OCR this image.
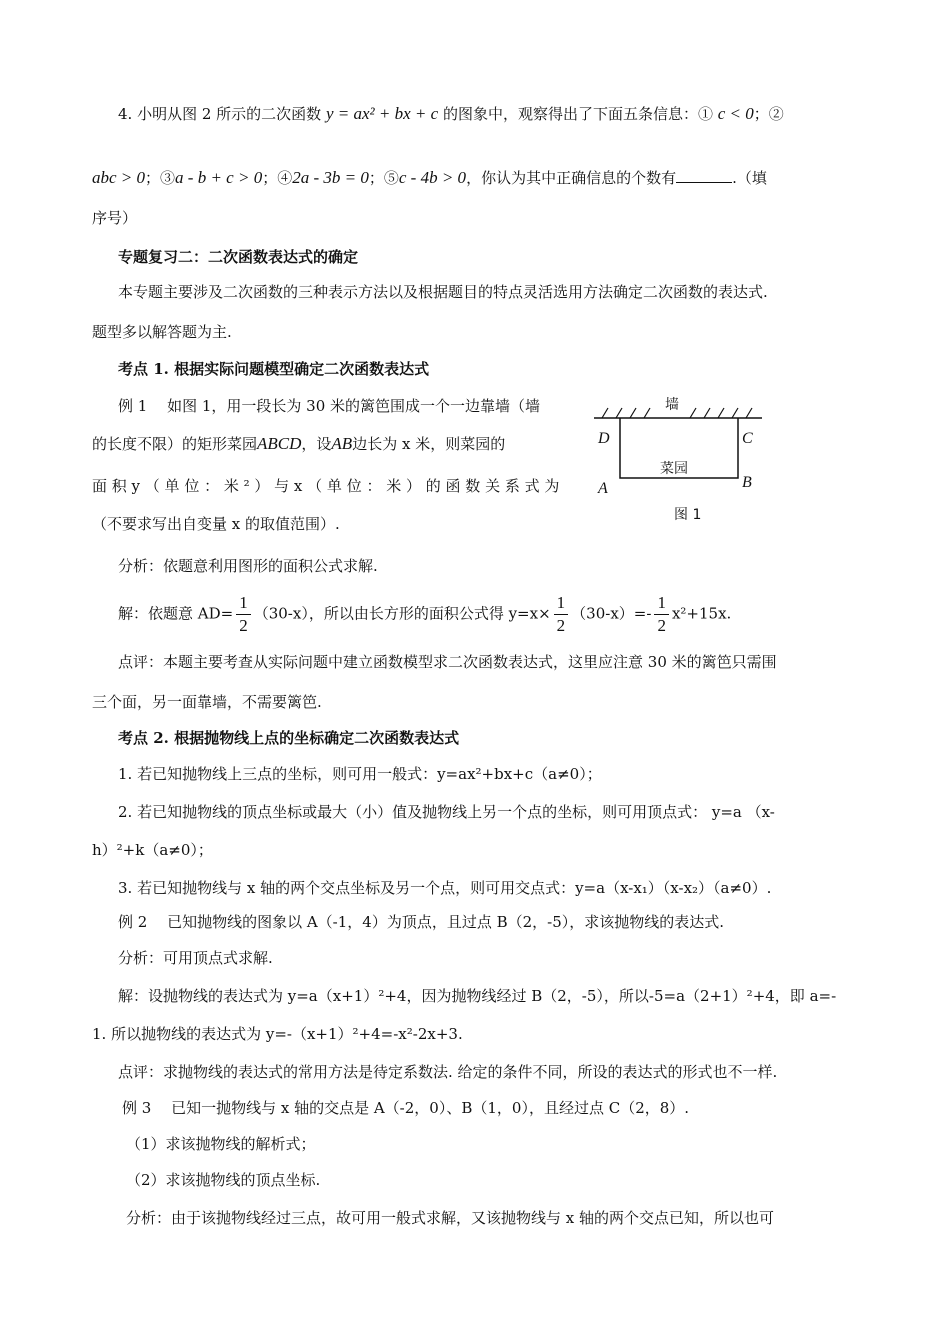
4. 小明从图 2 所示的二次函数 y = ax² + bx + c 的图象中，观察得出了下面五条信息：① c < 0；②
abc > 0；③a - b + c > 0；④2a - 3b = 0；⑤c - 4b > 0，你认为其中正确信息的个数有	.（填
序号）
专题复习二：二次函数表达式的确定
本专题主要涉及二次函数的三种表示方法以及根据题目的特点灵活选用方法确定二次函数的表达式.
题型多以解答题为主.
考点 1. 根据实际问题模型确定二次函数表达式
例 1　 如图 1，用一段长为 30 米的篱笆围成一个一边靠墙（墙
的长度不限）的矩形菜园ABCD，设AB边长为 x 米，则菜园的
面 积 y （ 单 位 ： 米 ² ） 与 x （ 单 位 ： 米 ） 的 函 数 关 系 式 为
（不要求写出自变量 x 的取值范围）.
墙
D	C
菜园
A	B
图 1
分析：依题意利用图形的面积公式求解.
解：依题意 $AD= \frac{1}{2} (30-x)$，所以由长方形的面积公式得 $y=x\times \frac{1}{2} (30-x)=- \frac{1}{2} x^2+15x$.
点评：本题主要考查从实际问题中建立函数模型求二次函数表达式，这里应注意 30 米的篱笆只需围
三个面，另一面靠墙，不需要篱笆.
考点 2. 根据抛物线上点的坐标确定二次函数表达式
1. 若已知抛物线上三点的坐标，则可用一般式：y=ax²+bx+c（a≠0）；
2. 若已知抛物线的顶点坐标或最大（小）值及抛物线上另一个点的坐标，则可用顶点式： y=a （x-
h）²+k（a≠0）；
3. 若已知抛物线与 x 轴的两个交点坐标及另一个点，则可用交点式：y=a（x-x₁）（x-x₂）（a≠0）.
例 2　 已知抛物线的图象以 A（-1，4）为顶点，且过点 B（2，-5），求该抛物线的表达式.
分析：可用顶点式求解.
解：设抛物线的表达式为 y=a（x+1）²+4，因为抛物线经过 B（2，-5），所以-5=a（2+1）²+4，即 a=-
1. 所以抛物线的表达式为 y=-（x+1）²+4=-x²-2x+3.
点评：求抛物线的表达式的常用方法是待定系数法. 给定的条件不同，所设的表达式的形式也不一样.
例 3　 已知一抛物线与 x 轴的交点是 A（-2，0）、B（1，0），且经过点 C（2，8）.
（1）求该抛物线的解析式；
（2）求该抛物线的顶点坐标.
分析：由于该抛物线经过三点，故可用一般式求解，又该抛物线与 x 轴的两个交点已知，所以也可
